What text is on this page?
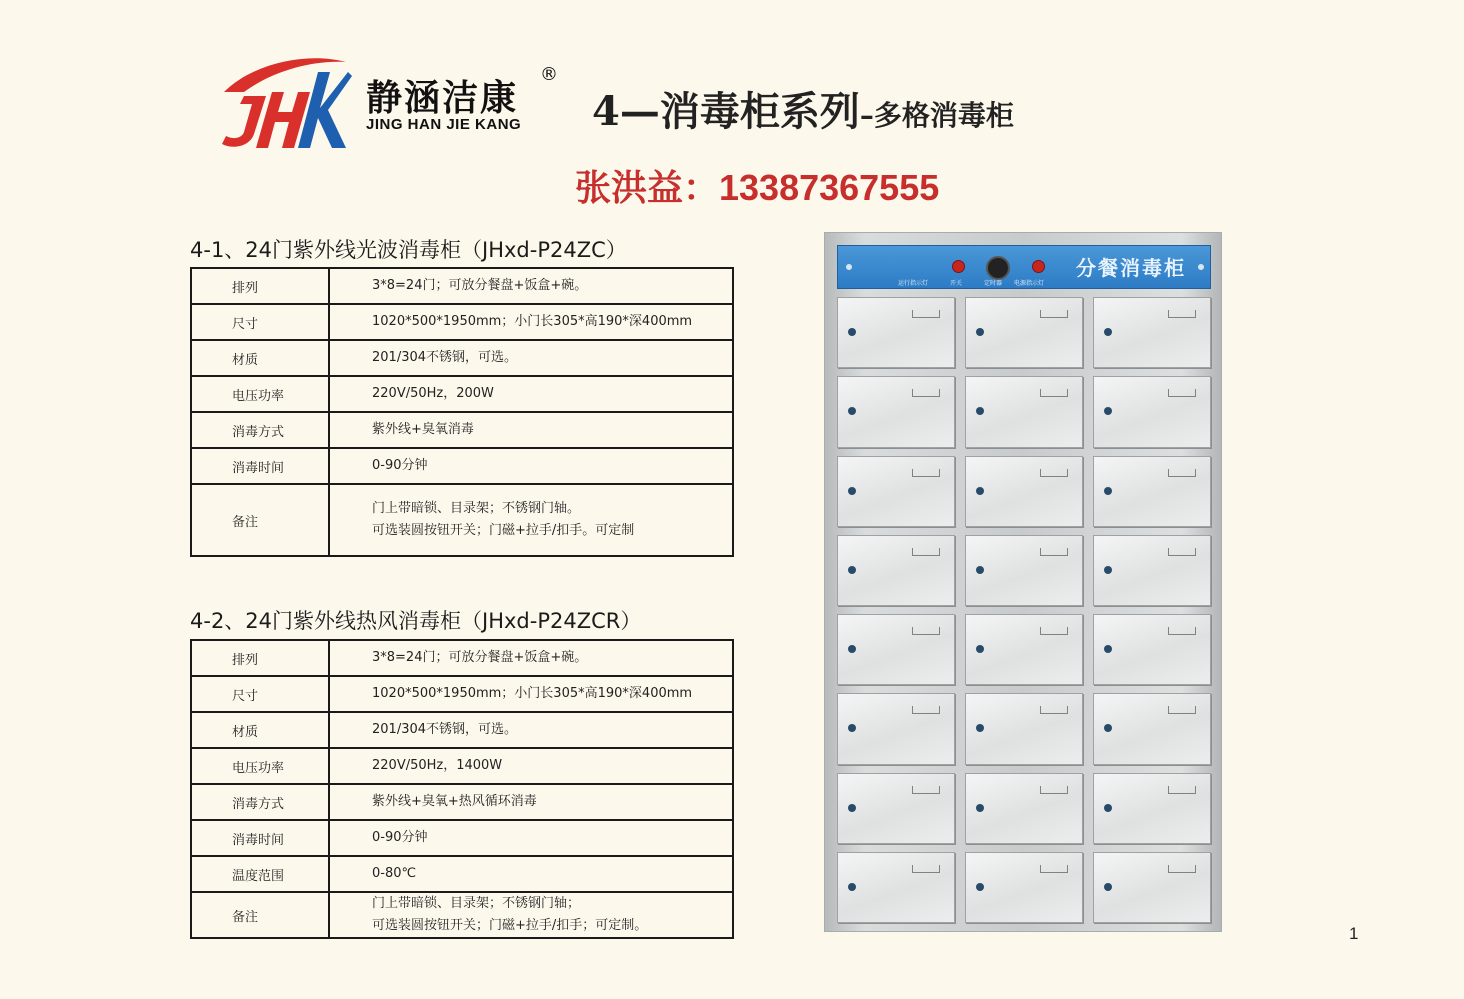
静涵洁康
®
JING HAN JIE KANG 4—消毒柜系列–多格消毒柜
张洪益：13387367555
4-1、24门紫外线光波消毒柜（JHxd-P24ZC）
排列	3*8=24门；可放分餐盘+饭盒+碗。

尺寸	1020*500*1950mm；小门长305*高190*深400mm

材质	201/304不锈钢，可选。

电压功率	220V/50Hz，200W

消毒方式	紫外线+臭氧消毒

消毒时间	0-90分钟

备注	门上带暗锁、目录架；不锈钢门轴。
可选装圆按钮开关；门磁+拉手/扣手。可定制
4-2、24门紫外线热风消毒柜（JHxd-P24ZCR）
排列	3*8=24门；可放分餐盘+饭盒+碗。

尺寸	1020*500*1950mm；小门长305*高190*深400mm

材质	201/304不锈钢，可选。

电压功率	220V/50Hz，1400W

消毒方式	紫外线+臭氧+热风循环消毒

消毒时间	0-90分钟

温度范围	0-80℃

备注	门上带暗锁、目录架；不锈钢门轴；
可选装圆按钮开关；门磁+拉手/扣手；可定制。
运行指示灯	开关	定时器 电源指示灯
分餐消毒柜
1
